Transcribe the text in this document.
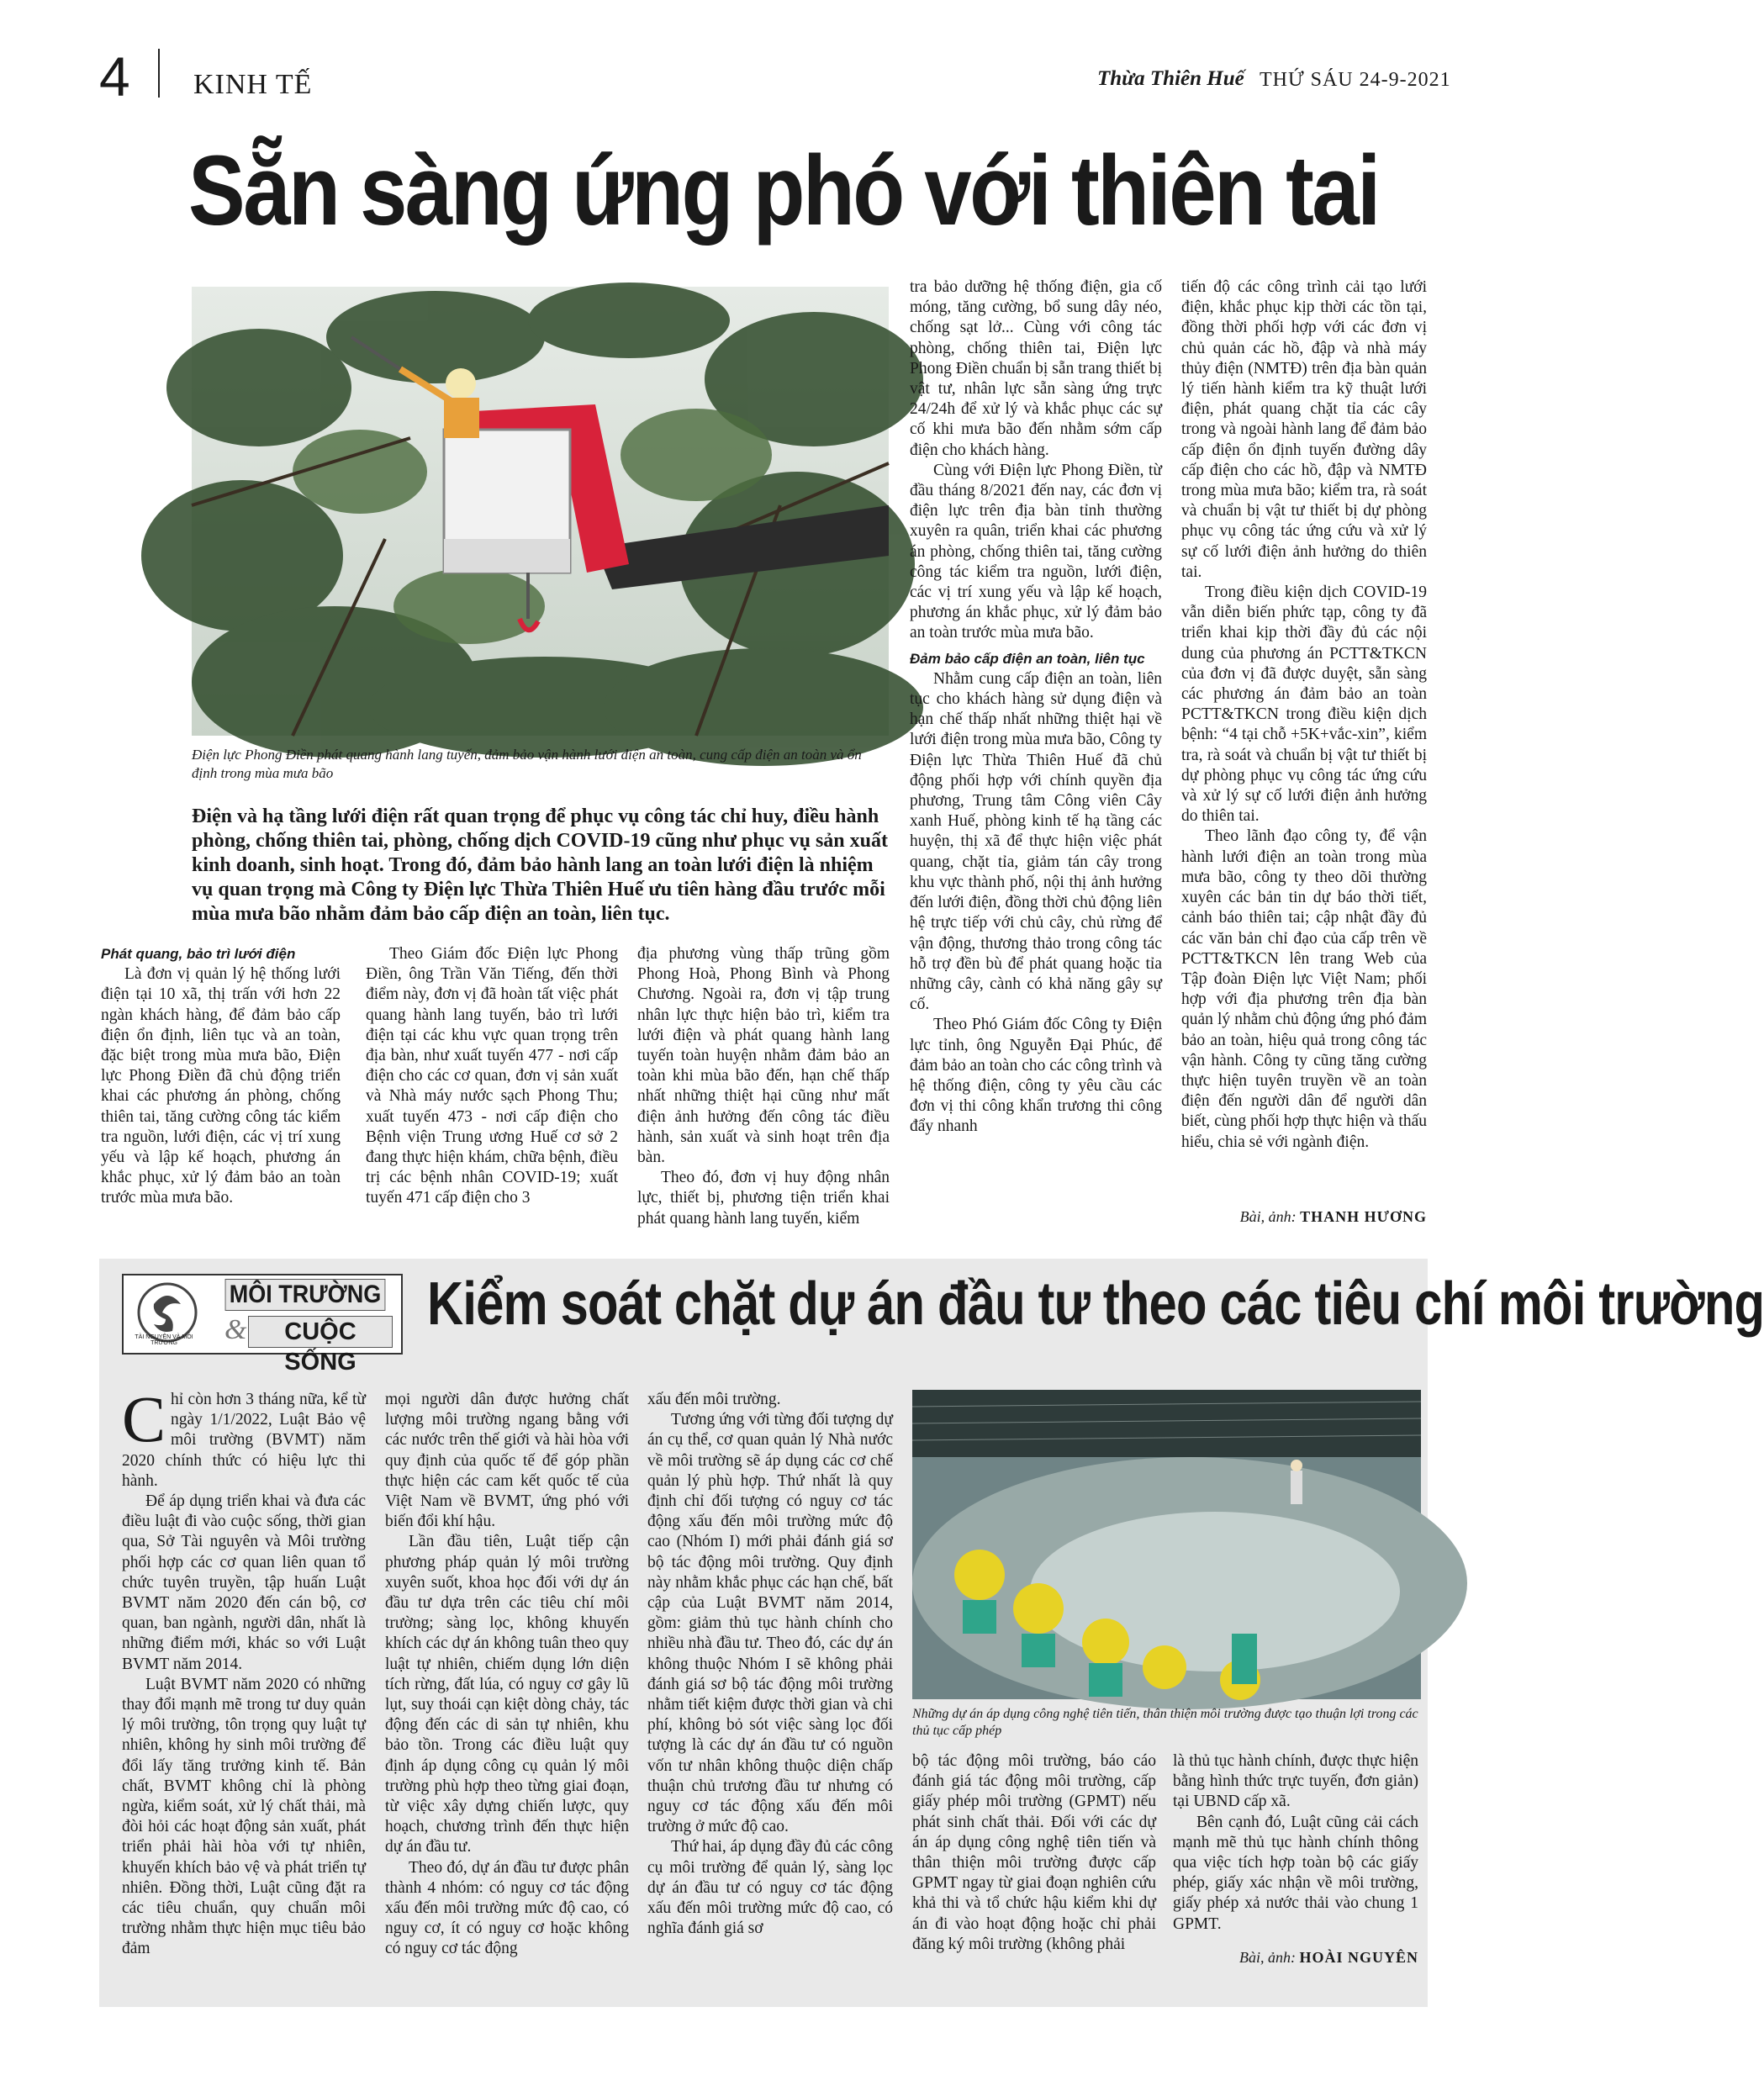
4 KINH TẾ	Thừa Thiên Huế THỨ SÁU 24-9-2021
Sẵn sàng ứng phó với thiên tai
Điện lực Phong Điền phát quang hành lang tuyến, đảm bảo vận hành lưới điện an toàn, cung cấp điện an toàn và ổn định trong mùa mưa bão
Điện và hạ tầng lưới điện rất quan trọng để phục vụ công tác chỉ huy, điều hành phòng, chống thiên tai, phòng, chống dịch COVID-19 cũng như phục vụ sản xuất kinh doanh, sinh hoạt. Trong đó, đảm bảo hành lang an toàn lưới điện là nhiệm vụ quan trọng mà Công ty Điện lực Thừa Thiên Huế ưu tiên hàng đầu trước mỗi mùa mưa bão nhằm đảm bảo cấp điện an toàn, liên tục.

Phát quang, bảo trì lưới điện

Là đơn vị quản lý hệ thống lưới điện tại 10 xã, thị trấn với hơn 22 ngàn khách hàng, để đảm bảo cấp điện ổn định, liên tục và an toàn, đặc biệt trong mùa mưa bão, Điện lực Phong Điền đã chủ động triển khai các phương án phòng, chống thiên tai, tăng cường công tác kiểm tra nguồn, lưới điện, các vị trí xung yếu và lập kế hoạch, phương án khắc phục, xử lý đảm bảo an toàn trước mùa mưa bão.

Theo Giám đốc Điện lực Phong Điền, ông Trần Văn Tiếng, đến thời điểm này, đơn vị đã hoàn tất việc phát quang hành lang tuyến, bảo trì lưới điện tại các khu vực quan trọng trên địa bàn, như xuất tuyến 477 - nơi cấp điện cho các cơ quan, đơn vị sản xuất và Nhà máy nước sạch Phong Thu; xuất tuyến 473 - nơi cấp điện cho Bệnh viện Trung ương Huế cơ sở 2 đang thực hiện khám, chữa bệnh, điều trị các bệnh nhân COVID-19; xuất tuyến 471 cấp điện cho 3

địa phương vùng thấp trũng gồm Phong Hoà, Phong Bình và Phong Chương. Ngoài ra, đơn vị tập trung nhân lực thực hiện bảo trì, kiểm tra lưới điện và phát quang hành lang tuyến toàn huyện nhằm đảm bảo an toàn khi mùa bão đến, hạn chế thấp nhất những thiệt hại cũng như mất điện ảnh hưởng đến công tác điều hành, sản xuất và sinh hoạt trên địa bàn.

Theo đó, đơn vị huy động nhân lực, thiết bị, phương tiện triển khai phát quang hành lang tuyến, kiểm

tra bảo dưỡng hệ thống điện, gia cố móng, tăng cường, bổ sung dây néo, chống sạt lở... Cùng với công tác phòng, chống thiên tai, Điện lực Phong Điền chuẩn bị sẵn trang thiết bị vật tư, nhân lực sẵn sàng ứng trực 24/24h để xử lý và khắc phục các sự cố khi mưa bão đến nhằm sớm cấp điện cho khách hàng.

Cùng với Điện lực Phong Điền, từ đầu tháng 8/2021 đến nay, các đơn vị điện lực trên địa bàn tỉnh thường xuyên ra quân, triển khai các phương án phòng, chống thiên tai, tăng cường công tác kiểm tra nguồn, lưới điện, các vị trí xung yếu và lập kế hoạch, phương án khắc phục, xử lý đảm bảo an toàn trước mùa mưa bão.

Đảm bảo cấp điện an toàn, liên tục

Nhằm cung cấp điện an toàn, liên tục cho khách hàng sử dụng điện và hạn chế thấp nhất những thiệt hại về lưới điện trong mùa mưa bão, Công ty Điện lực Thừa Thiên Huế đã chủ động phối hợp với chính quyền địa phương, Trung tâm Công viên Cây xanh Huế, phòng kinh tế hạ tầng các huyện, thị xã để thực hiện việc phát quang, chặt tỉa, giảm tán cây trong khu vực thành phố, nội thị ảnh hưởng đến lưới điện, đồng thời chủ động liên hệ trực tiếp với chủ cây, chủ rừng để vận động, thương thảo trong công tác hỗ trợ đền bù để phát quang hoặc tỉa những cây, cành có khả năng gây sự cố.

Theo Phó Giám đốc Công ty Điện lực tỉnh, ông Nguyễn Đại Phúc, để đảm bảo an toàn cho các công trình và hệ thống điện, công ty yêu cầu các đơn vị thi công khẩn trương thi công đẩy nhanh

tiến độ các công trình cải tạo lưới điện, khắc phục kịp thời các tồn tại, đồng thời phối hợp với các đơn vị chủ quản các hồ, đập và nhà máy thủy điện (NMTĐ) trên địa bàn quản lý tiến hành kiểm tra kỹ thuật lưới điện, phát quang chặt tỉa các cây trong và ngoài hành lang để đảm bảo cấp điện ổn định tuyến đường dây cấp điện cho các hồ, đập và NMTĐ trong mùa mưa bão; kiểm tra, rà soát và chuẩn bị vật tư thiết bị dự phòng phục vụ công tác ứng cứu và xử lý sự cố lưới điện ảnh hưởng do thiên tai.

Trong điều kiện dịch COVID-19 vẫn diễn biến phức tạp, công ty đã triển khai kịp thời đầy đủ các nội dung của phương án PCTT&TKCN của đơn vị đã được duyệt, sẵn sàng các phương án đảm bảo an toàn PCTT&TKCN trong điều kiện dịch bệnh: “4 tại chỗ +5K+vắc-xin”, kiểm tra, rà soát và chuẩn bị vật tư thiết bị dự phòng phục vụ công tác ứng cứu và xử lý sự cố lưới điện ảnh hưởng do thiên tai.

Theo lãnh đạo công ty, để vận hành lưới điện an toàn trong mùa mưa bão, công ty theo dõi thường xuyên các bản tin dự báo thời tiết, cảnh báo thiên tai; cập nhật đầy đủ các văn bản chỉ đạo của cấp trên về PCTT&TKCN lên trang Web của Tập đoàn Điện lực Việt Nam; phối hợp với địa phương trên địa bàn quản lý nhằm chủ động ứng phó đảm bảo an toàn, hiệu quả trong công tác vận hành. Công ty cũng tăng cường thực hiện tuyên truyền về an toàn điện đến người dân để người dân biết, cùng phối hợp thực hiện và thấu hiểu, chia sẻ với ngành điện.

Bài, ảnh: THANH HƯƠNG
TÀI NGUYÊN VÀ MÔI TRƯỜNG
MÔI TRƯỜNG
&	CUỘC SỐNG
Kiểm soát chặt dự án đầu tư theo các tiêu chí môi trường
Những dự án áp dụng công nghệ tiên tiến, thân thiện môi trường được tạo thuận lợi trong các thủ tục cấp phép

Chỉ còn hơn 3 tháng nữa, kể từ ngày 1/1/2022, Luật Bảo vệ môi trường (BVMT) năm 2020 chính thức có hiệu lực thi hành.

Để áp dụng triển khai và đưa các điều luật đi vào cuộc sống, thời gian qua, Sở Tài nguyên và Môi trường phối hợp các cơ quan liên quan tổ chức tuyên truyền, tập huấn Luật BVMT năm 2020 đến cán bộ, cơ quan, ban ngành, người dân, nhất là những điểm mới, khác so với Luật BVMT năm 2014.

Luật BVMT năm 2020 có những thay đổi mạnh mẽ trong tư duy quản lý môi trường, tôn trọng quy luật tự nhiên, không hy sinh môi trường để đổi lấy tăng trưởng kinh tế. Bản chất, BVMT không chỉ là phòng ngừa, kiểm soát, xử lý chất thải, mà đòi hỏi các hoạt động sản xuất, phát triển phải hài hòa với tự nhiên, khuyến khích bảo vệ và phát triển tự nhiên. Đồng thời, Luật cũng đặt ra các tiêu chuẩn, quy chuẩn môi trường nhằm thực hiện mục tiêu bảo đảm

mọi người dân được hưởng chất lượng môi trường ngang bằng với các nước trên thế giới và hài hòa với quy định của quốc tế để góp phần thực hiện các cam kết quốc tế của Việt Nam về BVMT, ứng phó với biến đổi khí hậu.

Lần đầu tiên, Luật tiếp cận phương pháp quản lý môi trường xuyên suốt, khoa học đối với dự án đầu tư dựa trên các tiêu chí môi trường; sàng lọc, không khuyến khích các dự án không tuân theo quy luật tự nhiên, chiếm dụng lớn diện tích rừng, đất lúa, có nguy cơ gây lũ lụt, suy thoái cạn kiệt dòng chảy, tác động đến các di sản tự nhiên, khu bảo tồn. Trong các điều luật quy định áp dụng công cụ quản lý môi trường phù hợp theo từng giai đoạn, từ việc xây dựng chiến lược, quy hoạch, chương trình đến thực hiện dự án đầu tư.

Theo đó, dự án đầu tư được phân thành 4 nhóm: có nguy cơ tác động xấu đến môi trường mức độ cao, có nguy cơ, ít có nguy cơ hoặc không có nguy cơ tác động

xấu đến môi trường.

Tương ứng với từng đối tượng dự án cụ thể, cơ quan quản lý Nhà nước về môi trường sẽ áp dụng các cơ chế quản lý phù hợp. Thứ nhất là quy định chỉ đối tượng có nguy cơ tác động xấu đến môi trường mức độ cao (Nhóm I) mới phải đánh giá sơ bộ tác động môi trường. Quy định này nhằm khắc phục các hạn chế, bất cập của Luật BVMT năm 2014, gồm: giảm thủ tục hành chính cho nhiều nhà đầu tư. Theo đó, các dự án không thuộc Nhóm I sẽ không phải đánh giá sơ bộ tác động môi trường nhằm tiết kiệm được thời gian và chi phí, không bỏ sót việc sàng lọc đối tượng là các dự án đầu tư có nguồn vốn tư nhân không thuộc diện chấp thuận chủ trương đầu tư nhưng có nguy cơ tác động xấu đến môi trường ở mức độ cao.

Thứ hai, áp dụng đầy đủ các công cụ môi trường để quản lý, sàng lọc dự án đầu tư có nguy cơ tác động xấu đến môi trường mức độ cao, có nghĩa đánh giá sơ

bộ tác động môi trường, báo cáo đánh giá tác động môi trường, cấp giấy phép môi trường (GPMT) nếu phát sinh chất thải. Đối với các dự án áp dụng công nghệ tiên tiến và thân thiện môi trường được cấp GPMT ngay từ giai đoạn nghiên cứu khả thi và tổ chức hậu kiểm khi dự án đi vào hoạt động hoặc chỉ phải đăng ký môi trường (không phải

là thủ tục hành chính, được thực hiện bằng hình thức trực tuyến, đơn giản) tại UBND cấp xã.

Bên cạnh đó, Luật cũng cải cách mạnh mẽ thủ tục hành chính thông qua việc tích hợp toàn bộ các giấy phép, giấy xác nhận về môi trường, giấy phép xả nước thải vào chung 1 GPMT.

Bài, ảnh: HOÀI NGUYÊN
